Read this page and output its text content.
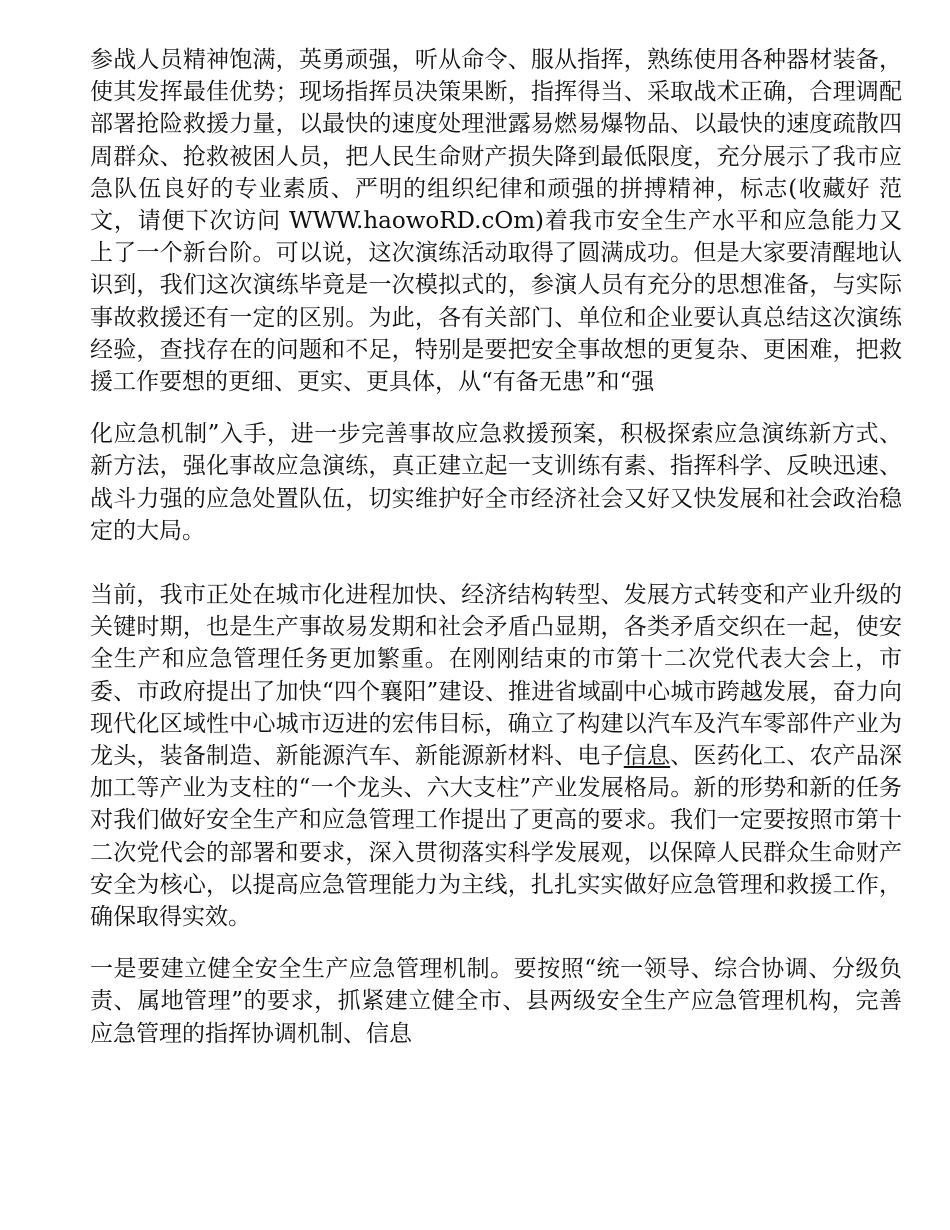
参战人员精神饱满，英勇顽强，听从命令、服从指挥，熟练使用各种器材装备，使其发挥最佳优势；现场指挥员决策果断，指挥得当、采取战术正确，合理调配部署抢险救援力量，以最快的速度处理泄露易燃易爆物品、以最快的速度疏散四周群众、抢救被困人员，把人民生命财产损失降到最低限度，充分展示了我市应急队伍良好的专业素质、严明的组织纪律和顽强的拼搏精神，标志(收藏好 范 文，请便下次访问 WWW.haowoRD.cOm)着我市安全生产水平和应急能力又上了一个新台阶。可以说，这次演练活动取得了圆满成功。但是大家要清醒地认识到，我们这次演练毕竟是一次模拟式的，参演人员有充分的思想准备，与实际事故救援还有一定的区别。为此，各有关部门、单位和企业要认真总结这次演练经验，查找存在的问题和不足，特别是要把安全事故想的更复杂、更困难，把救援工作要想的更细、更实、更具体，从“有备无患”和“强

化应急机制”入手，进一步完善事故应急救援预案，积极探索应急演练新方式、新方法，强化事故应急演练，真正建立起一支训练有素、指挥科学、反映迅速、战斗力强的应急处置队伍，切实维护好全市经济社会又好又快发展和社会政治稳定的大局。

当前，我市正处在城市化进程加快、经济结构转型、发展方式转变和产业升级的关键时期，也是生产事故易发期和社会矛盾凸显期，各类矛盾交织在一起，使安全生产和应急管理任务更加繁重。在刚刚结束的市第十二次党代表大会上，市委、市政府提出了加快“四个襄阳”建设、推进省域副中心城市跨越发展，奋力向现代化区域性中心城市迈进的宏伟目标，确立了构建以汽车及汽车零部件产业为龙头，装备制造、新能源汽车、新能源新材料、电子信息、医药化工、农产品深加工等产业为支柱的“一个龙头、六大支柱”产业发展格局。新的形势和新的任务对我们做好安全生产和应急管理工作提出了更高的要求。我们一定要按照市第十二次党代会的部署和要求，深入贯彻落实科学发展观，以保障人民群众生命财产安全为核心，以提高应急管理能力为主线，扎扎实实做好应急管理和救援工作，确保取得实效。

一是要建立健全安全生产应急管理机制。要按照“统一领导、综合协调、分级负责、属地管理”的要求，抓紧建立健全市、县两级安全生产应急管理机构，完善应急管理的指挥协调机制、信息
